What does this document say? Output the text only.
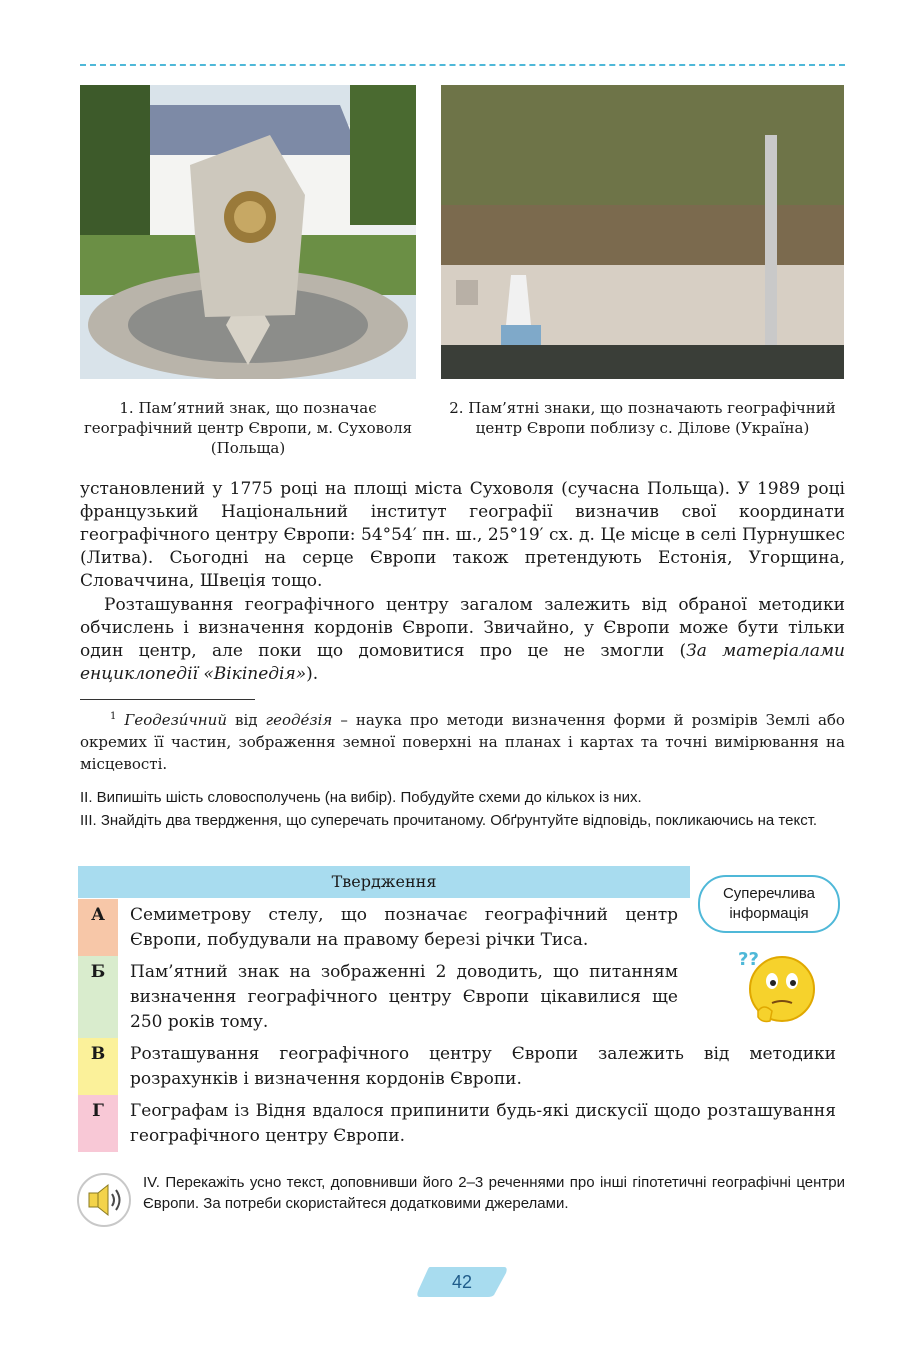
1. Пам’ятний знак, що позначає географічний центр Європи, м. Суховоля (Польща)
2. Пам’ятні знаки, що позначають географічний центр Європи поблизу с. Ділове (Україна)
установлений у 1775 році на площі міста Суховоля (сучасна Польща). У 1989 році французький Національний інститут географії визначив свої координати географічного центру Європи: 54°54′ пн. ш., 25°19′ сх. д. Це місце в селі Пурнушкес (Литва). Сьогодні на серце Європи також претендують Естонія, Угорщина, Словаччина, Швеція тощо.
Розташування географічного центру загалом залежить від обраної методики обчислень і визначення кордонів Європи. Звичайно, у Європи може бути тільки один центр, але поки що домовитися про це не змогли (За матеріалами енциклопедії «Вікіпедія»).
$^1$ Геодези́чний від геоде́зія – наука про методи визначення форми й розмірів Землі або окремих її частин, зображення земної поверхні на планах і картах та точні вимірювання на місцевості.
II. Випишіть шість словосполучень (на вибір). Побудуйте схеми до кількох із них.
III. Знайдіть два твердження, що суперечать прочитаному. Обґрунтуйте відповідь, покликаючись на текст.
Твердження
А	Семиметрову стелу, що позначає географічний центр Європи, побудували на правому березі річки Тиса.
Б	Пам’ятний знак на зображенні 2 доводить, що питанням визначення географічного центру Європи цікавилися ще 250 років тому.
В	Розташування географічного центру Європи залежить від методики розрахунків і визначення кордонів Європи.
Г	Географам із Відня вдалося припинити будь-які дискусії щодо розташування географічного центру Європи.
Суперечлива інформація
??
IV. Перекажіть усно текст, доповнивши його 2–3 реченнями про інші гіпотетичні географічні центри Європи. За потреби скористайтеся додатковими джерелами.
42
